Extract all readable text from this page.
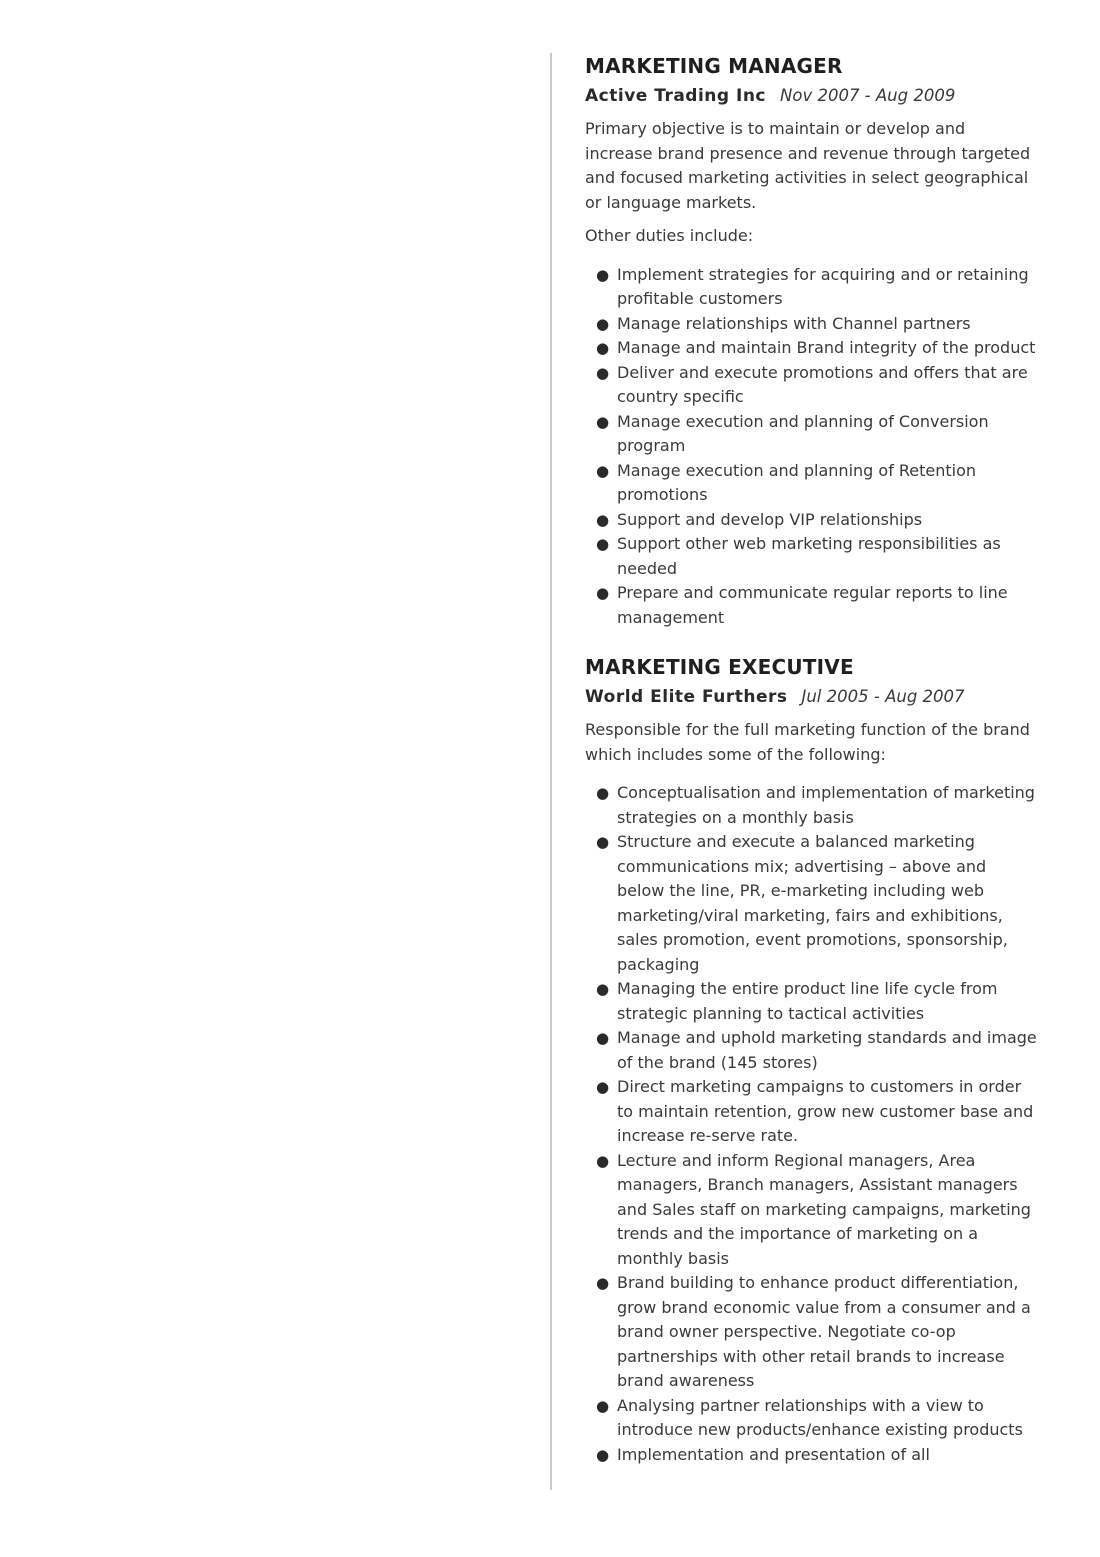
MARKETING MANAGER
Active Trading Inc Nov 2007 - Aug 2009

Primary objective is to maintain or develop and increase brand presence and revenue through targeted and focused marketing activities in select geographical or language markets.

Other duties include:

● Implement strategies for acquiring and or retaining profitable customers
● Manage relationships with Channel partners
● Manage and maintain Brand integrity of the product
● Deliver and execute promotions and offers that are country specific
● Manage execution and planning of Conversion program
● Manage execution and planning of Retention promotions
● Support and develop VIP relationships
● Support other web marketing responsibilities as needed
● Prepare and communicate regular reports to line management
MARKETING EXECUTIVE
World Elite Furthers Jul 2005 - Aug 2007

Responsible for the full marketing function of the brand which includes some of the following:

● Conceptualisation and implementation of marketing strategies on a monthly basis
● Structure and execute a balanced marketing communications mix; advertising – above and below the line, PR, e-marketing including web marketing/viral marketing, fairs and exhibitions, sales promotion, event promotions, sponsorship, packaging
● Managing the entire product line life cycle from strategic planning to tactical activities
● Manage and uphold marketing standards and image of the brand (145 stores)
● Direct marketing campaigns to customers in order to maintain retention, grow new customer base and increase re-serve rate.
● Lecture and inform Regional managers, Area managers, Branch managers, Assistant managers and Sales staff on marketing campaigns, marketing trends and the importance of marketing on a monthly basis
● Brand building to enhance product differentiation, grow brand economic value from a consumer and a brand owner perspective. Negotiate co-op partnerships with other retail brands to increase brand awareness
● Analysing partner relationships with a view to introduce new products/enhance existing products
● Implementation and presentation of all
